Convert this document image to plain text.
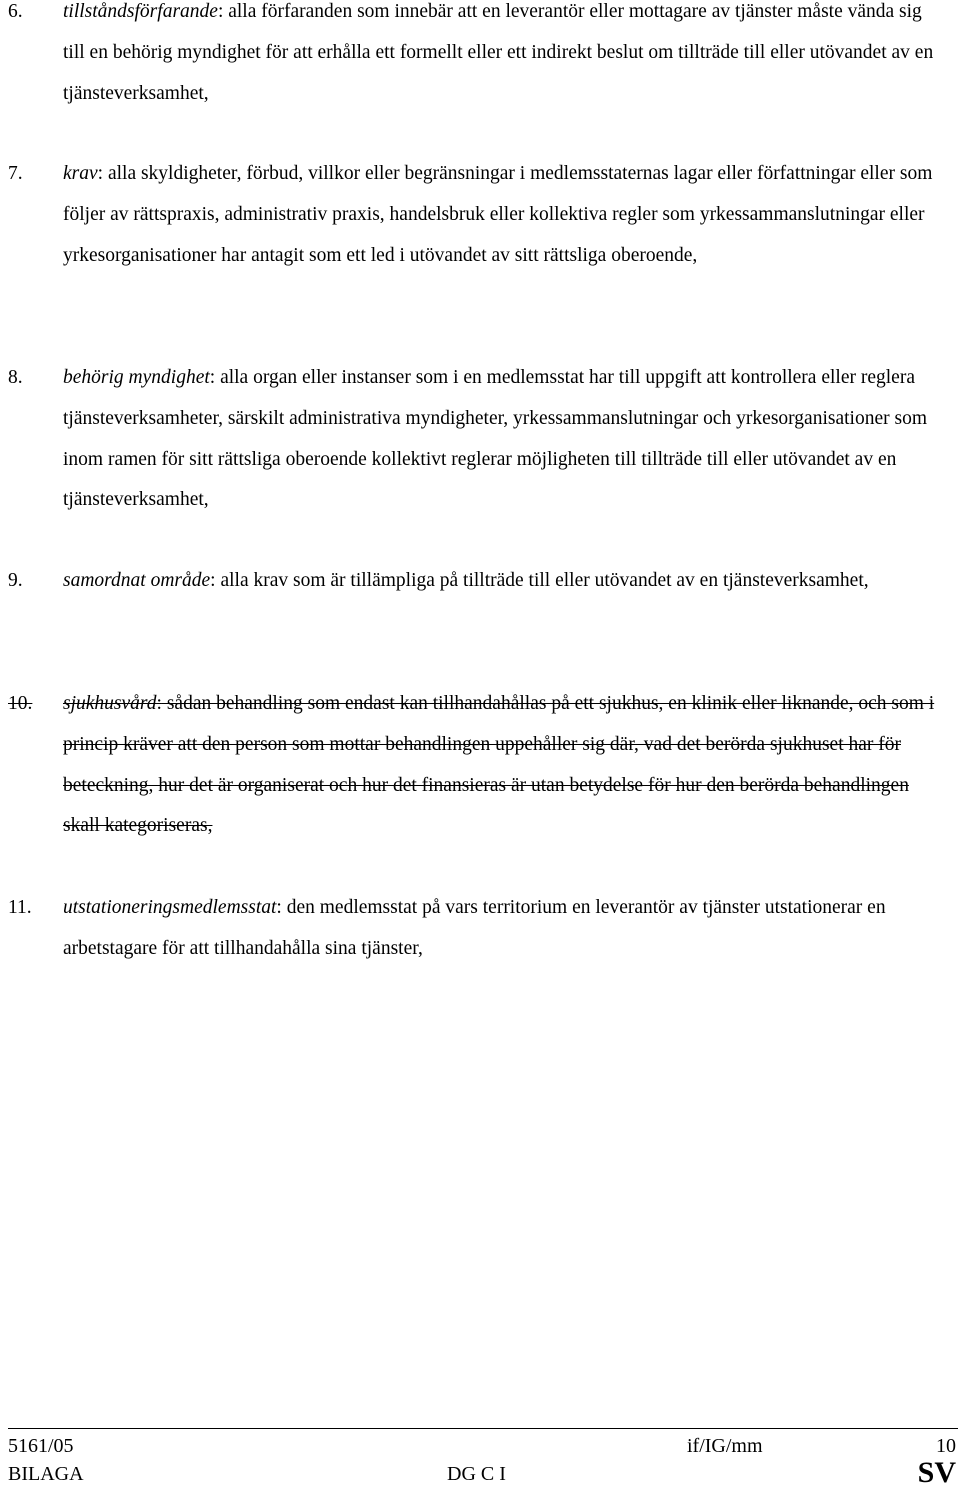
6. tillståndsförfarande: alla förfaranden som innebär att en leverantör eller mottagare av tjänster måste vända sig till en behörig myndighet för att erhålla ett formellt eller ett indirekt beslut om tillträde till eller utövandet av en tjänsteverksamhet,
7. krav: alla skyldigheter, förbud, villkor eller begränsningar i medlemsstaternas lagar eller författningar eller som följer av rättspraxis, administrativ praxis, handelsbruk eller kollektiva regler som yrkessammanslutningar eller yrkesorganisationer har antagit som ett led i utövandet av sitt rättsliga oberoende,
8. behörig myndighet: alla organ eller instanser som i en medlemsstat har till uppgift att kontrollera eller reglera tjänsteverksamheter, särskilt administrativa myndigheter, yrkessammanslutningar och yrkesorganisationer som inom ramen för sitt rättsliga oberoende kollektivt reglerar möjligheten till tillträde till eller utövandet av en tjänsteverksamhet,
9. samordnat område: alla krav som är tillämpliga på tillträde till eller utövandet av en tjänsteverksamhet,
10. sjukhusvård: sådan behandling som endast kan tillhandahållas på ett sjukhus, en klinik eller liknande, och som i princip kräver att den person som mottar behandlingen uppehåller sig där, vad det berörda sjukhuset har för beteckning, hur det är organiserat och hur det finansieras är utan betydelse för hur den berörda behandlingen skall kategoriseras,
11. utstationeringsmedlemsstat: den medlemsstat på vars territorium en leverantör av tjänster utstationerar en arbetstagare för att tillhandahålla sina tjänster,
5161/05	if/IG/mm	10
BILAGA	DG C I	SV
